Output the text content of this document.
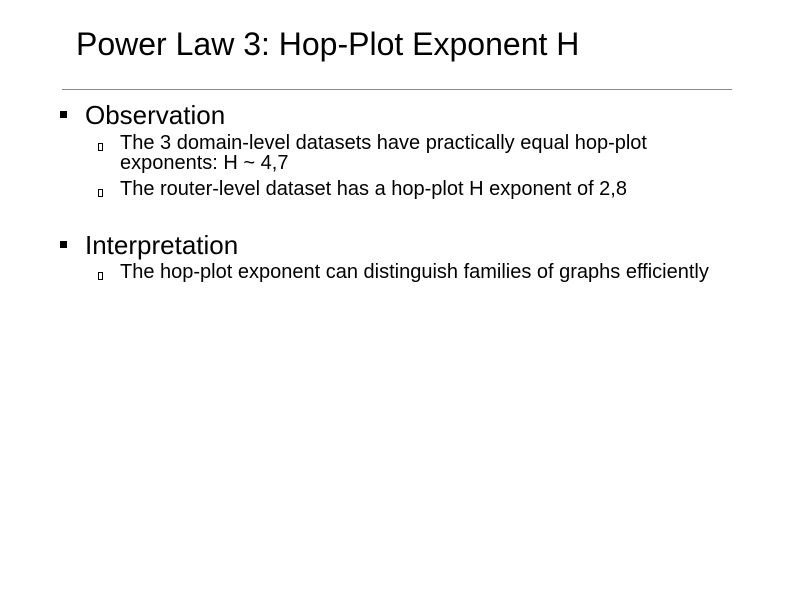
Power Law 3: Hop-Plot Exponent H
Observation
The 3 domain-level datasets have practically equal hop-plot exponents: H ~ 4,7
The router-level dataset has a hop-plot H exponent of 2,8
Interpretation
The hop-plot exponent can distinguish families of graphs efficiently
